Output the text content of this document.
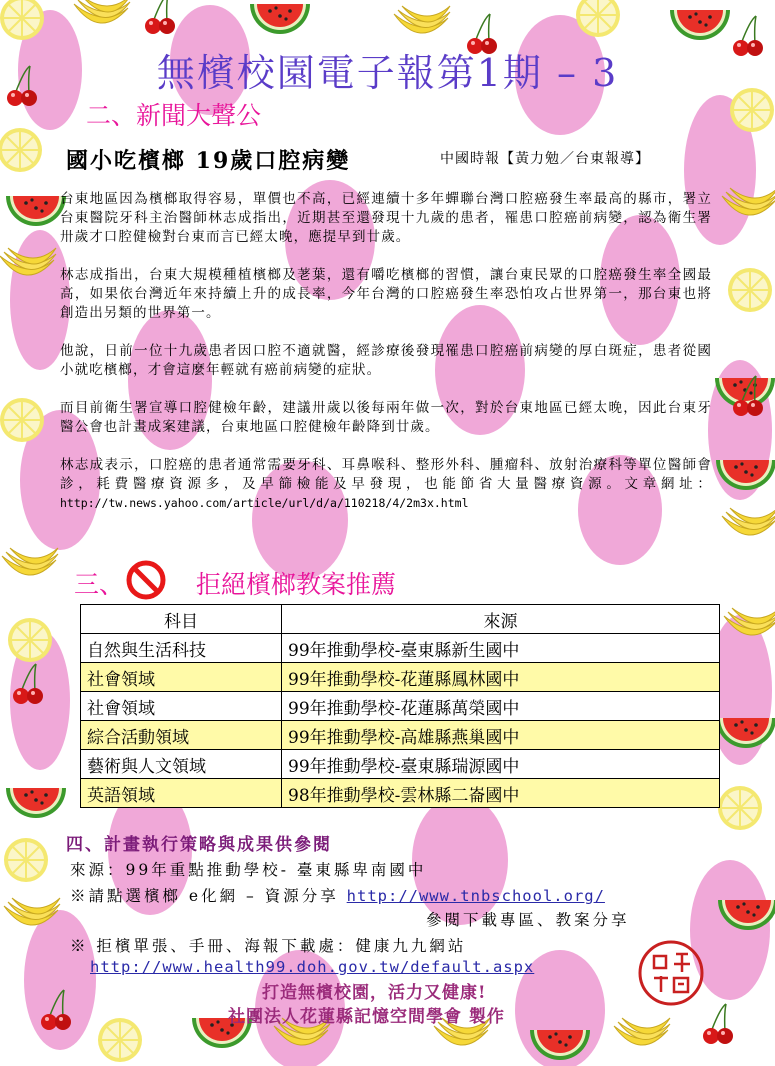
無檳校園電子報第1期 – 3
二、新聞大聲公
國小吃檳榔 19歲口腔病變	中國時報【黃力勉／台東報導】

台東地區因為檳榔取得容易，單價也不高，已經連續十多年蟬聯台灣口腔癌發生率最高的縣市，署立台東醫院牙科主治醫師林志成指出，近期甚至還發現十九歲的患者，罹患口腔癌前病變，認為衛生署卅歲才口腔健檢對台東而言已經太晚，應提早到廿歲。

林志成指出，台東大規模種植檳榔及荖葉，還有嚼吃檳榔的習慣，讓台東民眾的口腔癌發生率全國最高，如果依台灣近年來持續上升的成長率，今年台灣的口腔癌發生率恐怕攻占世界第一，那台東也將創造出另類的世界第一。

他說，日前一位十九歲患者因口腔不適就醫，經診療後發現罹患口腔癌前病變的厚白斑症，患者從國小就吃檳榔，才會這麼年輕就有癌前病變的症狀。

而目前衛生署宣導口腔健檢年齡，建議卅歲以後每兩年做一次，對於台東地區已經太晚，因此台東牙醫公會也計畫成案建議，台東地區口腔健檢年齡降到廿歲。

林志成表示，口腔癌的患者通常需要牙科、耳鼻喉科、整形外科、腫瘤科、放射治療科等單位醫師會診，耗費醫療資源多，及早篩檢能及早發現，也能節省大量醫療資源。文章網址：http://tw.news.yahoo.com/article/url/d/a/110218/4/2m3x.html

三、	拒絕檳榔教案推薦
科目	來源
自然與生活科技	99年推動學校-臺東縣新生國中
社會領域	99年推動學校-花蓮縣鳳林國中
社會領域	99年推動學校-花蓮縣萬榮國中
綜合活動領域	99年推動學校-高雄縣燕巢國中
藝術與人文領域	99年推動學校-臺東縣瑞源國中
英語領域	98年推動學校-雲林縣二崙國中
四、計畫執行策略與成果供參閱
來源：99年重點推動學校- 臺東縣卑南國中
※請點選檳榔 e化網 – 資源分享 http://www.tnbschool.org/
參閱下載專區、教案分享
※ 拒檳單張、手冊、海報下載處：健康九九網站
http://www.health99.doh.gov.tw/default.aspx
打造無檳校園，活力又健康!
社團法人花蓮縣記憶空間學會 製作
